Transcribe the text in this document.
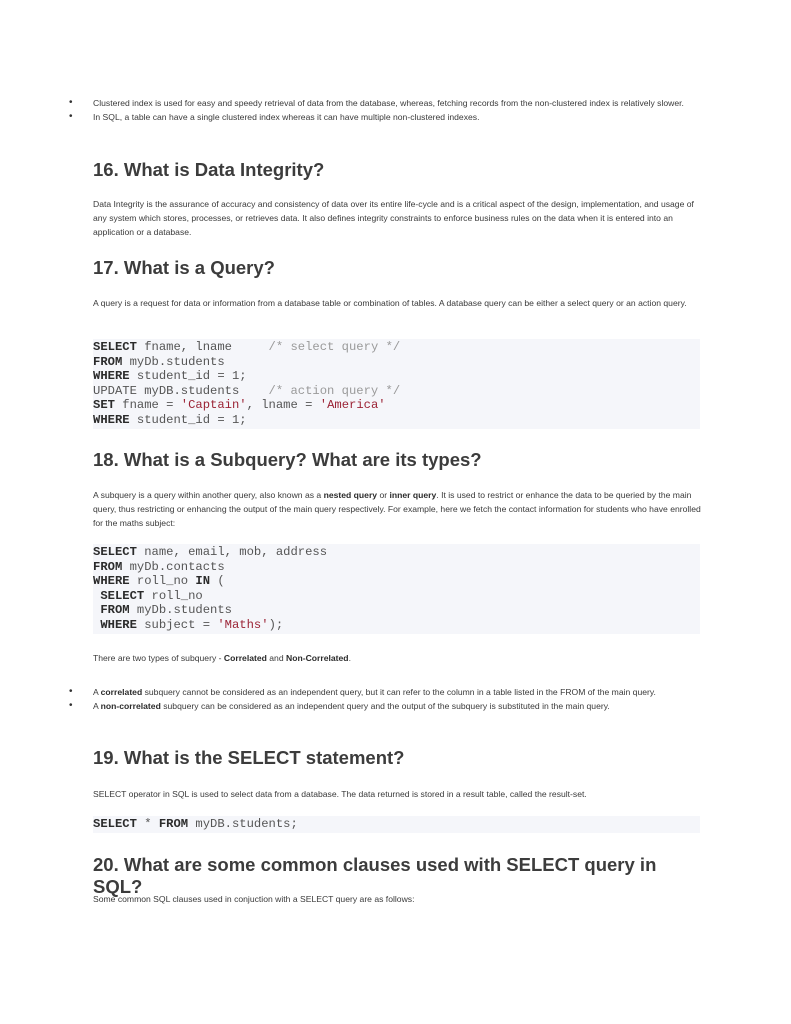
• Clustered index is used for easy and speedy retrieval of data from the database, whereas, fetching records from the non-clustered index is relatively slower.
• In SQL, a table can have a single clustered index whereas it can have multiple non-clustered indexes.
16. What is Data Integrity?

Data Integrity is the assurance of accuracy and consistency of data over its entire life-cycle and is a critical aspect of the design, implementation, and usage of any system which stores, processes, or retrieves data. It also defines integrity constraints to enforce business rules on the data when it is entered into an application or a database.

17. What is a Query?

A query is a request for data or information from a database table or combination of tables. A database query can be either a select query or an action query.

SELECT fname, lname     /* select query */
FROM myDb.students
WHERE student_id = 1;
UPDATE myDB.students    /* action query */
SET fname = 'Captain', lname = 'America'
WHERE student_id = 1;
18. What is a Subquery? What are its types?

A subquery is a query within another query, also known as a nested query or inner query. It is used to restrict or enhance the data to be queried by the main query, thus restricting or enhancing the output of the main query respectively. For example, here we fetch the contact information for students who have enrolled for the maths subject:

SELECT name, email, mob, address
FROM myDb.contacts
WHERE roll_no IN (
SELECT roll_no
FROM myDb.students
WHERE subject = 'Maths');

There are two types of subquery - Correlated and Non-Correlated.

• A correlated subquery cannot be considered as an independent query, but it can refer to the column in a table listed in the FROM of the main query.
• A non-correlated subquery can be considered as an independent query and the output of the subquery is substituted in the main query.
19. What is the SELECT statement?

SELECT operator in SQL is used to select data from a database. The data returned is stored in a result table, called the result-set.

SELECT * FROM myDB.students;
20. What are some common clauses used with SELECT query in SQL?

Some common SQL clauses used in conjuction with a SELECT query are as follows:
